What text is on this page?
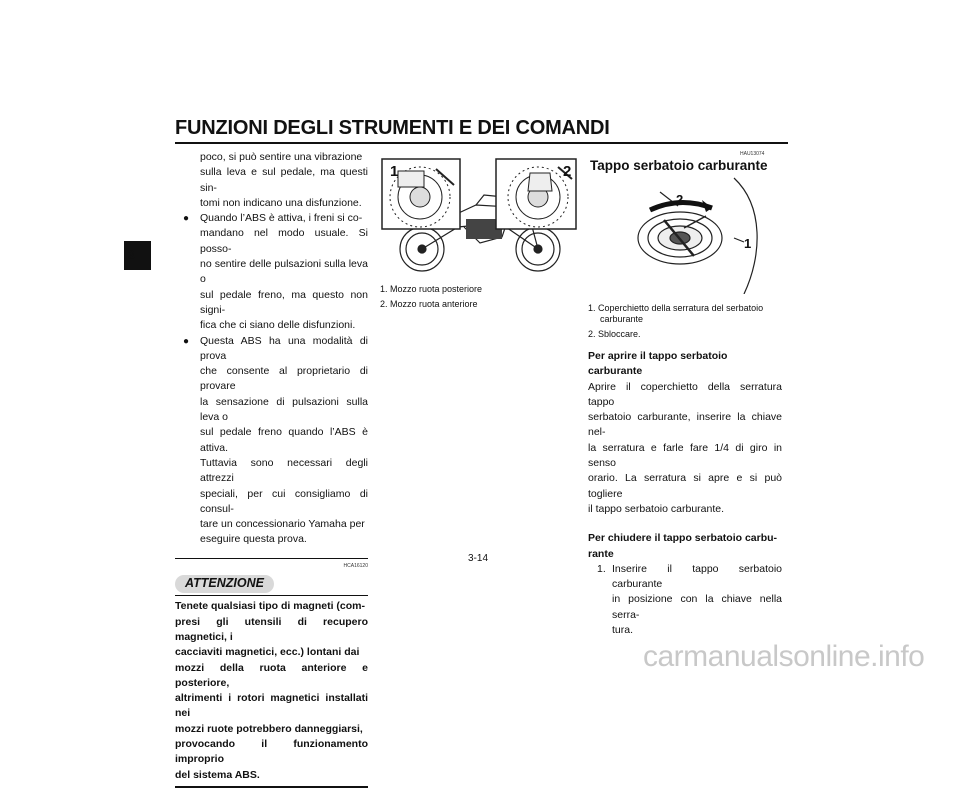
FUNZIONI DEGLI STRUMENTI E DEI COMANDI
3

poco, si può sentire una vibrazione

sulla leva e sul pedale, ma questi sin-

tomi non indicano una disfunzione.

● Quando l’ABS è attiva, i freni si co-

mandano nel modo usuale. Si posso-

no sentire delle pulsazioni sulla leva o

sul pedale freno, ma questo non signi-

fica che ci siano delle disfunzioni.

● Questa ABS ha una modalità di prova

che consente al proprietario di provare

la sensazione di pulsazioni sulla leva o

sul pedale freno quando l’ABS è attiva.

Tuttavia sono necessari degli attrezzi

speciali, per cui consigliamo di consul-

tare un concessionario Yamaha per

eseguire questa prova.

HCA16120
ATTENZIONE

Tenete qualsiasi tipo di magneti (com-

presi gli utensili di recupero magnetici, i

cacciaviti magnetici, ecc.) lontani dai

mozzi della ruota anteriore e posteriore,

altrimenti i rotori magnetici installati nei

mozzi ruote potrebbero danneggiarsi,

provocando il funzionamento improprio

del sistema ABS.

1	2
1. Mozzo ruota posteriore
2. Mozzo ruota anteriore
HAU13074
Tappo serbatoio carburante
2
1
1. Coperchietto della serratura del serbatoio
carburante
2. Sbloccare.

Per aprire il tappo serbatoio carburante

Aprire il coperchietto della serratura tappo

serbatoio carburante, inserire la chiave nel-

la serratura e farle fare 1/4 di giro in senso

orario. La serratura si apre e si può togliere

il tappo serbatoio carburante.

Per chiudere il tappo serbatoio carbu-

rante

1. Inserire il tappo serbatoio carburante

in posizione con la chiave nella serra-

tura.

3-14
carmanualsonline.info
